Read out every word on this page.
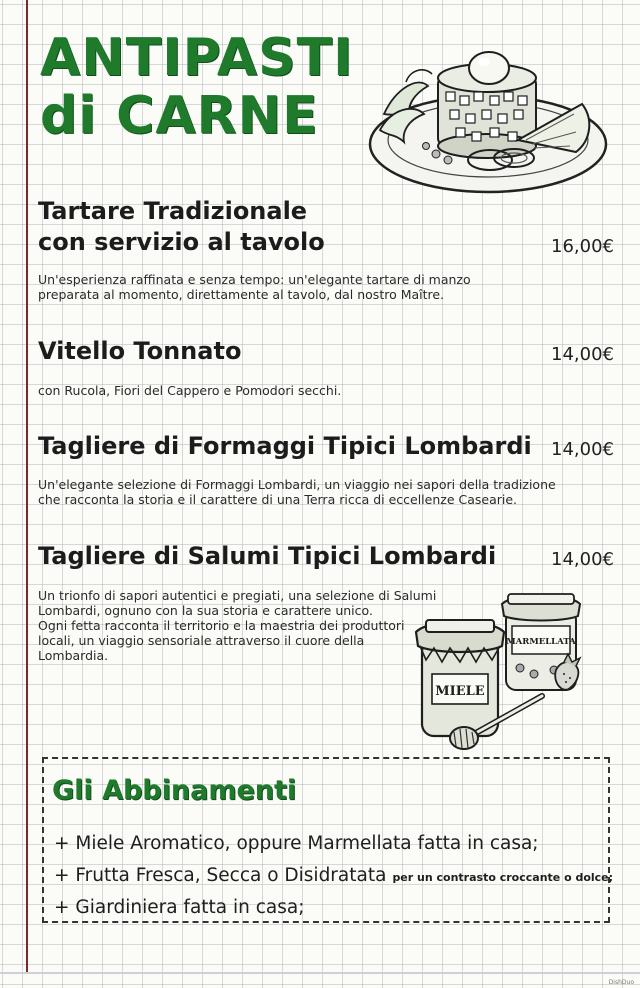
ANTIPASTI
di CARNE
Tartare Tradizionale
con servizio al tavolo	16,00€

Un'esperienza raffinata e senza tempo: un'elegante tartare di manzo
preparata al momento, direttamente al tavolo, dal nostro Maître.

Vitello Tonnato	14,00€

con Rucola, Fiori del Cappero e Pomodori secchi.

Tagliere di Formaggi Tipici Lombardi 14,00€

Un'elegante selezione di Formaggi Lombardi, un viaggio nei sapori della tradizione
che racconta la storia e il carattere di una Terra ricca di eccellenze Casearie.

Tagliere di Salumi Tipici Lombardi	14,00€

Un trionfo di sapori autentici e pregiati, una selezione di Salumi
Lombardi, ognuno con la sua storia e carattere unico.
Ogni fetta racconta il territorio e la maestria dei produttori
locali, un viaggio sensoriale attraverso il cuore della
Lombardia.

MARMELLATA
MIELE
Gli Abbinamenti
+ Miele Aromatico, oppure Marmellata fatta in casa;
+ Frutta Fresca, Secca o Disidratata per un contrasto croccante o dolce;
+ Giardiniera fatta in casa;
DishDuo
